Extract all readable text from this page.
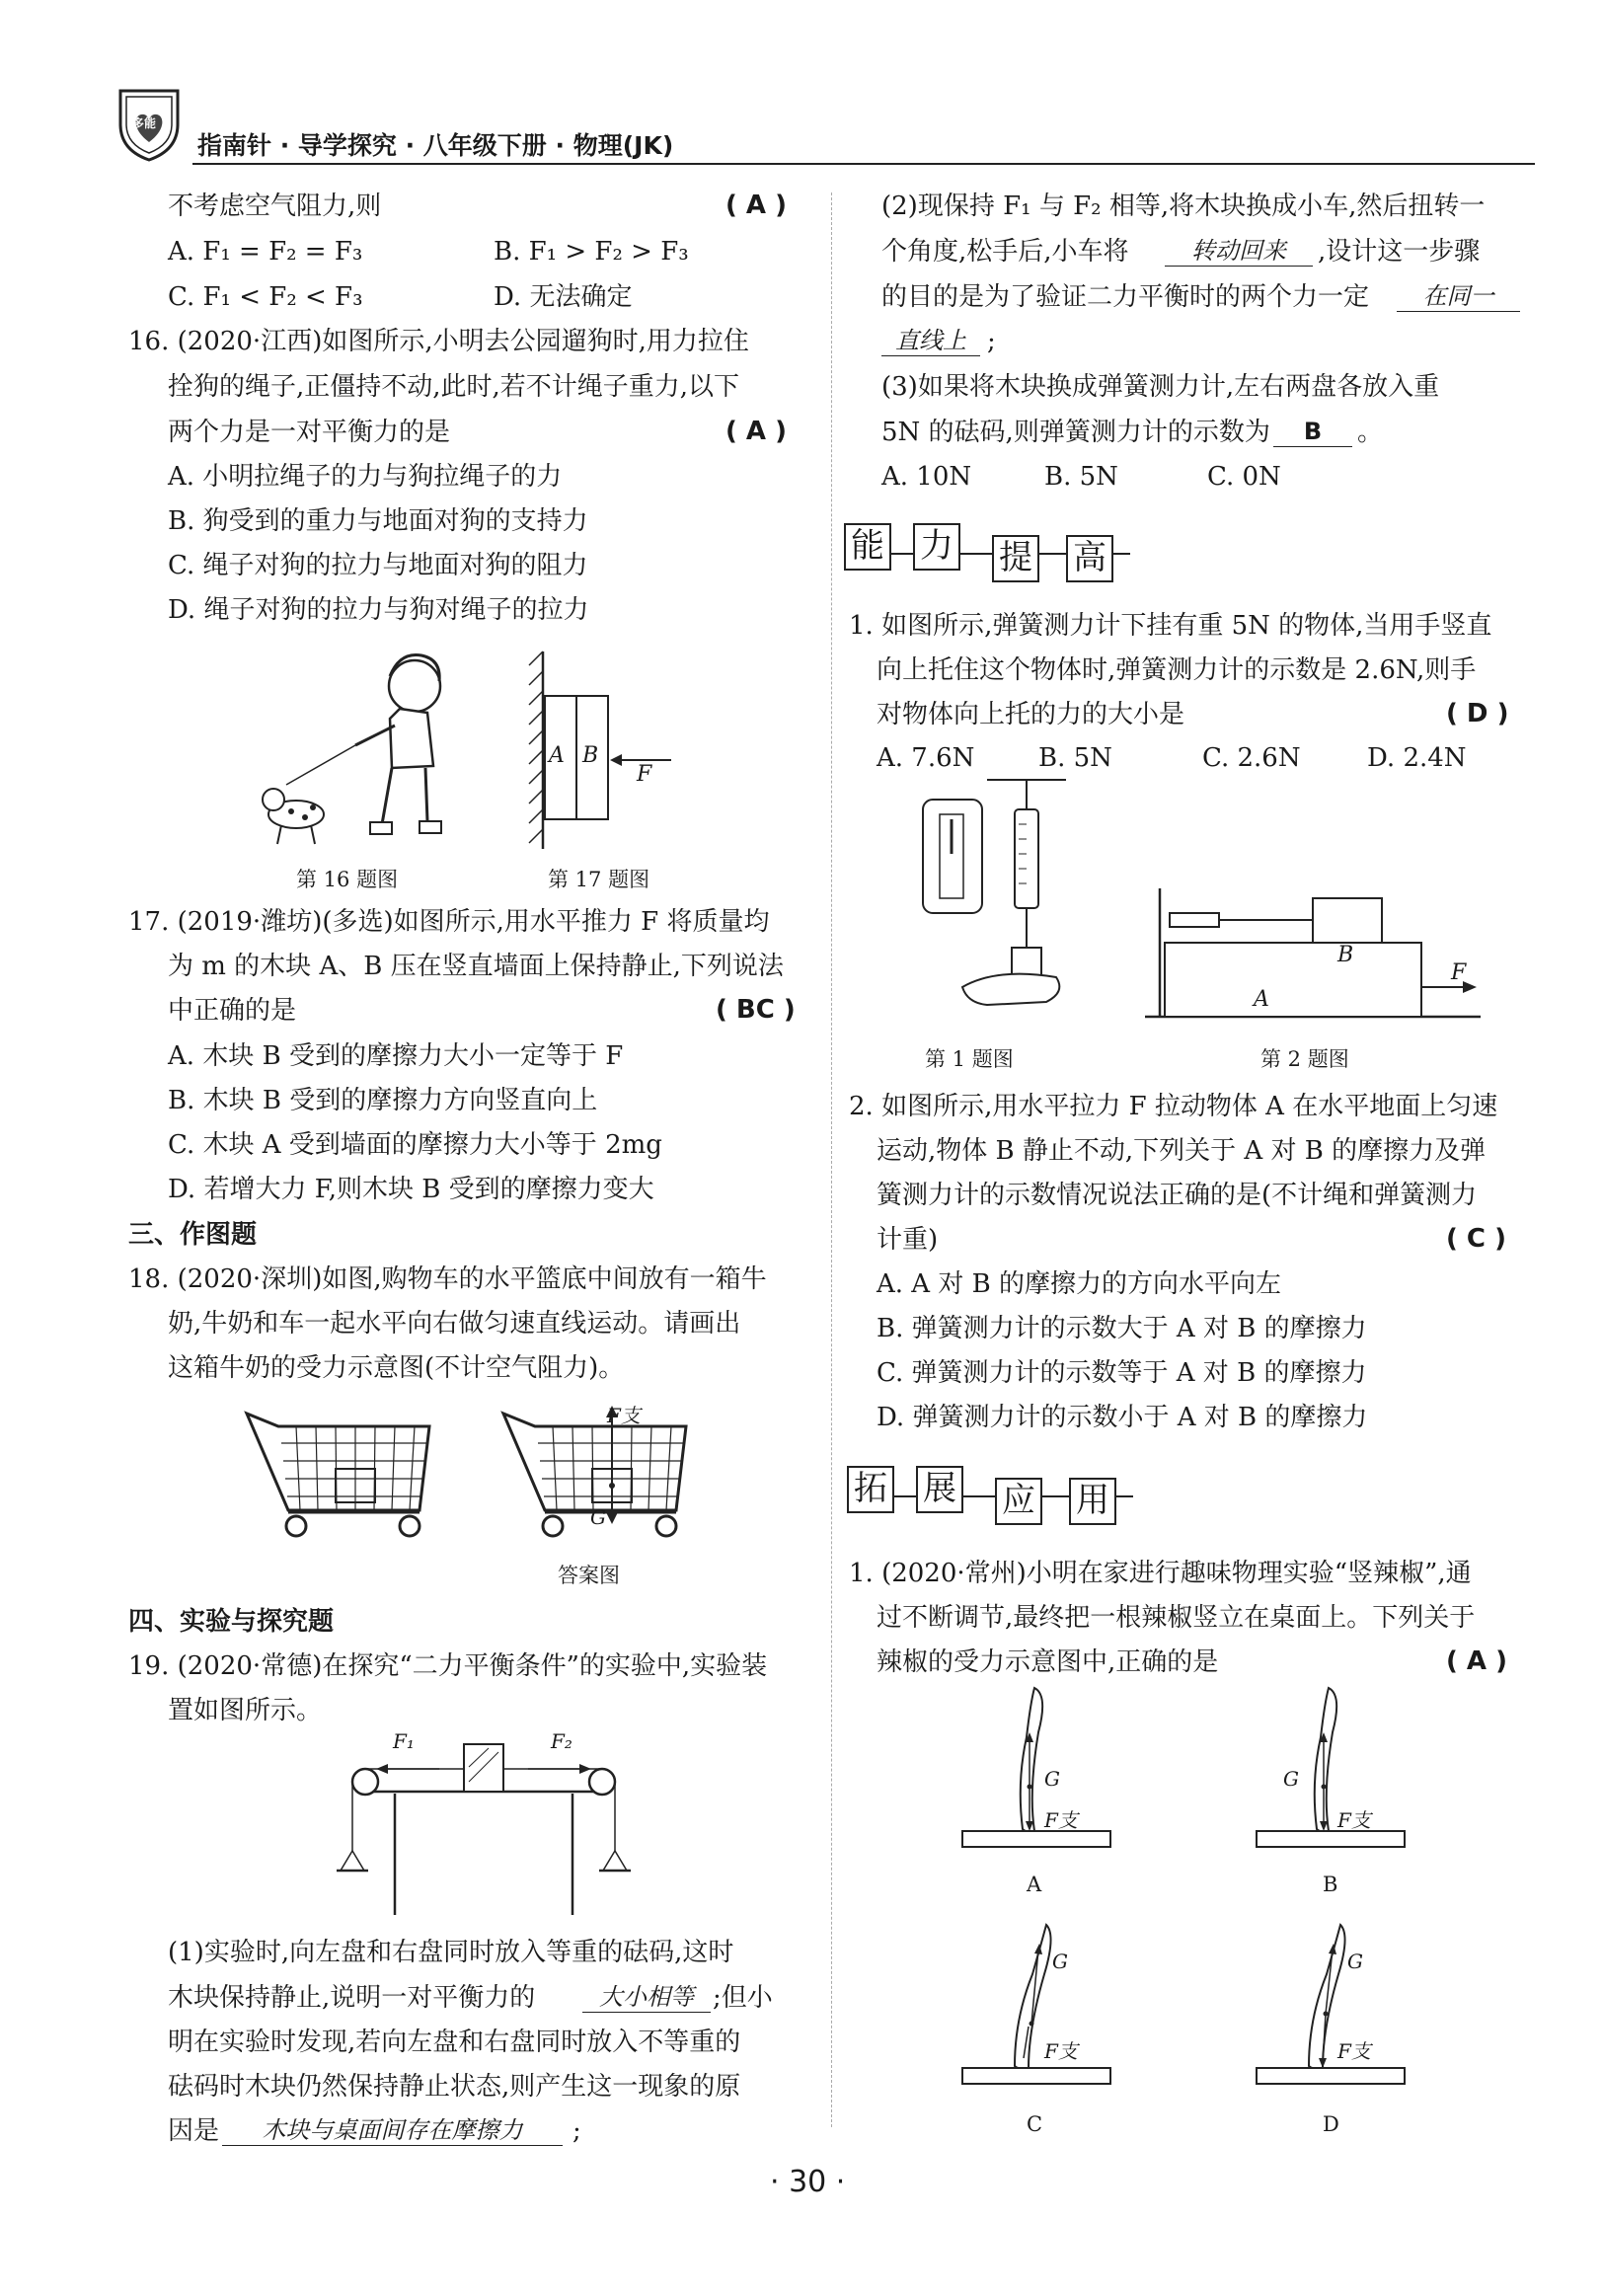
多能
指南针 · 导学探究 · 八年级下册 · 物理(JK)
不考虑空气阻力,则	( A )
A. F₁ = F₂ = F₃	B. F₁ > F₂ > F₃
C. F₁ < F₂ < F₃	D. 无法确定
16. (2020·江西)如图所示,小明去公园遛狗时,用力拉住
拴狗的绳子,正僵持不动,此时,若不计绳子重力,以下
两个力是一对平衡力的是	( A )
A. 小明拉绳子的力与狗拉绳子的力
B. 狗受到的重力与地面对狗的支持力
C. 绳子对狗的拉力与地面对狗的阻力
D. 绳子对狗的拉力与狗对绳子的拉力
第 16 题图
A B
F
第 17 题图
17. (2019·潍坊)(多选)如图所示,用水平推力 F 将质量均
为 m 的木块 A、B 压在竖直墙面上保持静止,下列说法
中正确的是	( BC )
A. 木块 B 受到的摩擦力大小一定等于 F
B. 木块 B 受到的摩擦力方向竖直向上
C. 木块 A 受到墙面的摩擦力大小等于 2mg
D. 若增大力 F,则木块 B 受到的摩擦力变大
三、作图题
18. (2020·深圳)如图,购物车的水平篮底中间放有一箱牛
奶,牛奶和车一起水平向右做匀速直线运动。请画出
这箱牛奶的受力示意图(不计空气阻力)。
F支
G
答案图
四、实验与探究题
19. (2020·常德)在探究“二力平衡条件”的实验中,实验装
置如图所示。
F₁	F₂
(1)实验时,向左盘和右盘同时放入等重的砝码,这时
木块保持静止,说明一对平衡力的	大小相等 ;但小
明在实验时发现,若向左盘和右盘同时放入不等重的
砝码时木块仍然保持静止状态,则产生这一现象的原
因是	木块与桌面间存在摩擦力	;
(2)现保持 F₁ 与 F₂ 相等,将木块换成小车,然后扭转一
个角度,松手后,小车将	转动回来	,设计这一步骤
的目的是为了验证二力平衡时的两个力一定	在同一
直线上 ;
(3)如果将木块换成弹簧测力计,左右两盘各放入重
5N 的砝码,则弹簧测力计的示数为	B	。
A. 10N	B. 5N	C. 0N
能 力 提 高
1. 如图所示,弹簧测力计下挂有重 5N 的物体,当用手竖直
向上托住这个物体时,弹簧测力计的示数是 2.6N,则手
对物体向上托的力的大小是	( D )
A. 7.6N B. 5N	C. 2.6N	D. 2.4N
第 1 题图
B
A
F
第 2 题图
2. 如图所示,用水平拉力 F 拉动物体 A 在水平地面上匀速
运动,物体 B 静止不动,下列关于 A 对 B 的摩擦力及弹
簧测力计的示数情况说法正确的是(不计绳和弹簧测力
计重)	( C )
A. A 对 B 的摩擦力的方向水平向左
B. 弹簧测力计的示数大于 A 对 B 的摩擦力
C. 弹簧测力计的示数等于 A 对 B 的摩擦力
D. 弹簧测力计的示数小于 A 对 B 的摩擦力
拓 展 应 用
1. (2020·常州)小明在家进行趣味物理实验“竖辣椒”,通
过不断调节,最终把一根辣椒竖立在桌面上。下列关于
辣椒的受力示意图中,正确的是	( A )
G
F支
A
G
F支
B
G
F支
C
G
F支
D
· 30 ·
